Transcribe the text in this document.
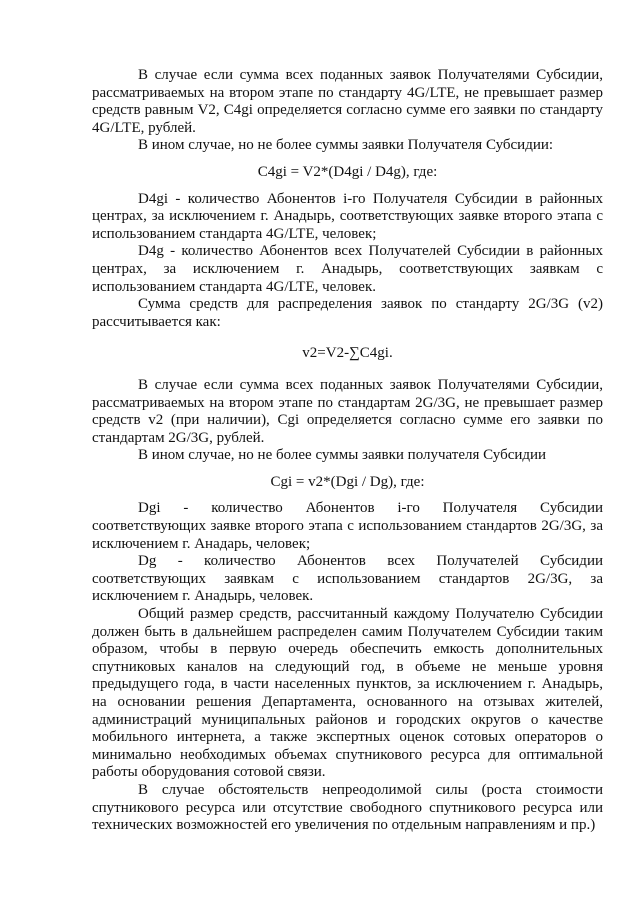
В случае если сумма всех поданных заявок Получателями Субсидии, рассматриваемых на втором этапе по стандарту 4G/LTE, не превышает размер средств равным V2, C4gi определяется согласно сумме его заявки по стандарту 4G/LTE, рублей.

В ином случае, но не более суммы заявки Получателя Субсидии:

C4gi = V2*(D4gi / D4g), где:

D4gi - количество Абонентов i-го Получателя Субсидии в районных центрах, за исключением г. Анадырь, соответствующих заявке второго этапа с использованием стандарта 4G/LTE, человек;

D4g - количество Абонентов всех Получателей Субсидии в районных центрах, за исключением г. Анадырь, соответствующих заявкам с использованием стандарта 4G/LTE, человек.

Сумма средств для распределения заявок по стандарту 2G/3G (v2) рассчитывается как:

v2=V2-∑C4gi.

В случае если сумма всех поданных заявок Получателями Субсидии, рассматриваемых на втором этапе по стандартам 2G/3G, не превышает размер средств v2 (при наличии), Cgi определяется согласно сумме его заявки по стандартам 2G/3G, рублей.

В ином случае, но не более суммы заявки получателя Субсидии

Cgi = v2*(Dgi / Dg), где:

Dgi - количество Абонентов i-го Получателя Субсидии соответствующих заявке второго этапа с использованием стандартов 2G/3G, за исключением г. Анадарь, человек;

Dg - количество Абонентов всех Получателей Субсидии соответствующих заявкам с использованием стандартов 2G/3G, за исключением г. Анадырь, человек.

Общий размер средств, рассчитанный каждому Получателю Субсидии должен быть в дальнейшем распределен самим Получателем Субсидии таким образом, чтобы в первую очередь обеспечить емкость дополнительных спутниковых каналов на следующий год, в объеме не меньше уровня предыдущего года, в части населенных пунктов, за исключением г. Анадырь, на основании решения Департамента, основанного на отзывах жителей, администраций муниципальных районов и городских округов о качестве мобильного интернета, а также экспертных оценок сотовых операторов о минимально необходимых объемах спутникового ресурса для оптимальной работы оборудования сотовой связи.

В случае обстоятельств непреодолимой силы (роста стоимости спутникового ресурса или отсутствие свободного спутникового ресурса или технических возможностей его увеличения по отдельным направлениям и пр.)
